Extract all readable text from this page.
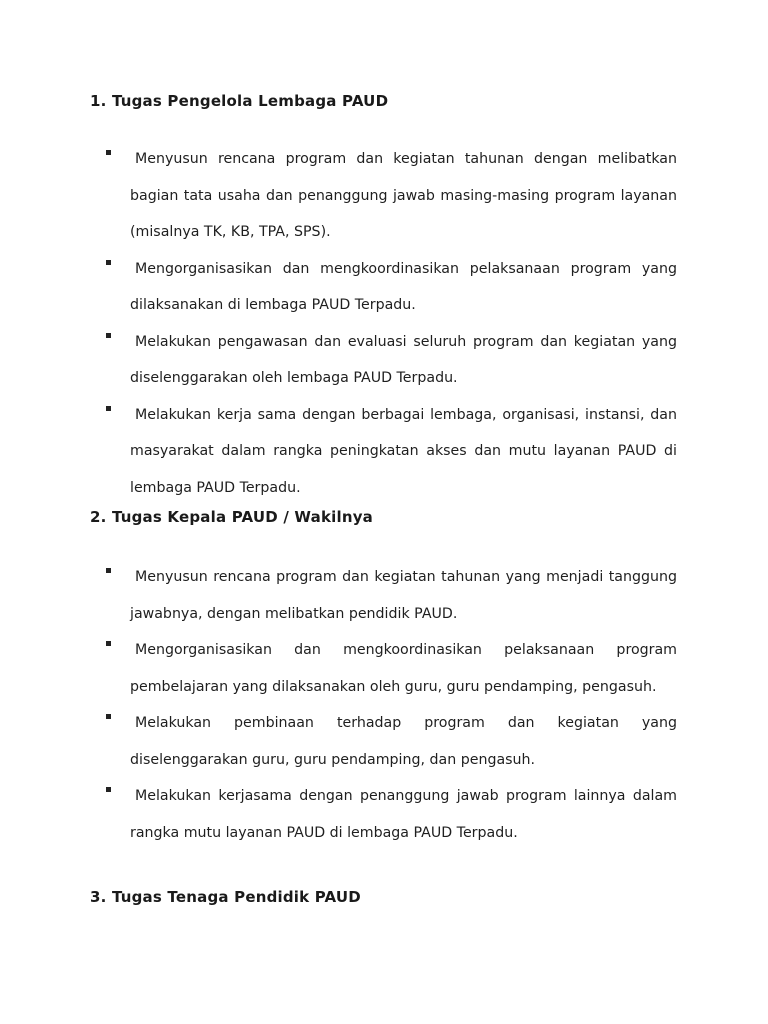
1. Tugas Pengelola Lembaga PAUD
Menyusun rencana program dan kegiatan tahunan dengan melibatkan bagian tata usaha dan penanggung jawab masing-masing program layanan (misalnya TK, KB, TPA, SPS).
Mengorganisasikan dan mengkoordinasikan pelaksanaan program yang dilaksanakan di lembaga PAUD Terpadu.
Melakukan pengawasan dan evaluasi seluruh program dan kegiatan yang diselenggarakan oleh lembaga PAUD Terpadu.
Melakukan kerja sama dengan berbagai lembaga, organisasi, instansi, dan masyarakat dalam rangka peningkatan akses dan mutu layanan PAUD di lembaga PAUD Terpadu.
2. Tugas Kepala PAUD / Wakilnya
Menyusun rencana program dan kegiatan tahunan yang menjadi tanggung jawabnya, dengan melibatkan pendidik PAUD.
Mengorganisasikan dan mengkoordinasikan pelaksanaan program pembelajaran yang dilaksanakan oleh guru, guru pendamping, pengasuh.
Melakukan pembinaan terhadap program dan kegiatan yang diselenggarakan guru, guru pendamping, dan pengasuh.
Melakukan kerjasama dengan penanggung jawab program lainnya dalam rangka mutu layanan PAUD di lembaga PAUD Terpadu.
3. Tugas Tenaga Pendidik PAUD
